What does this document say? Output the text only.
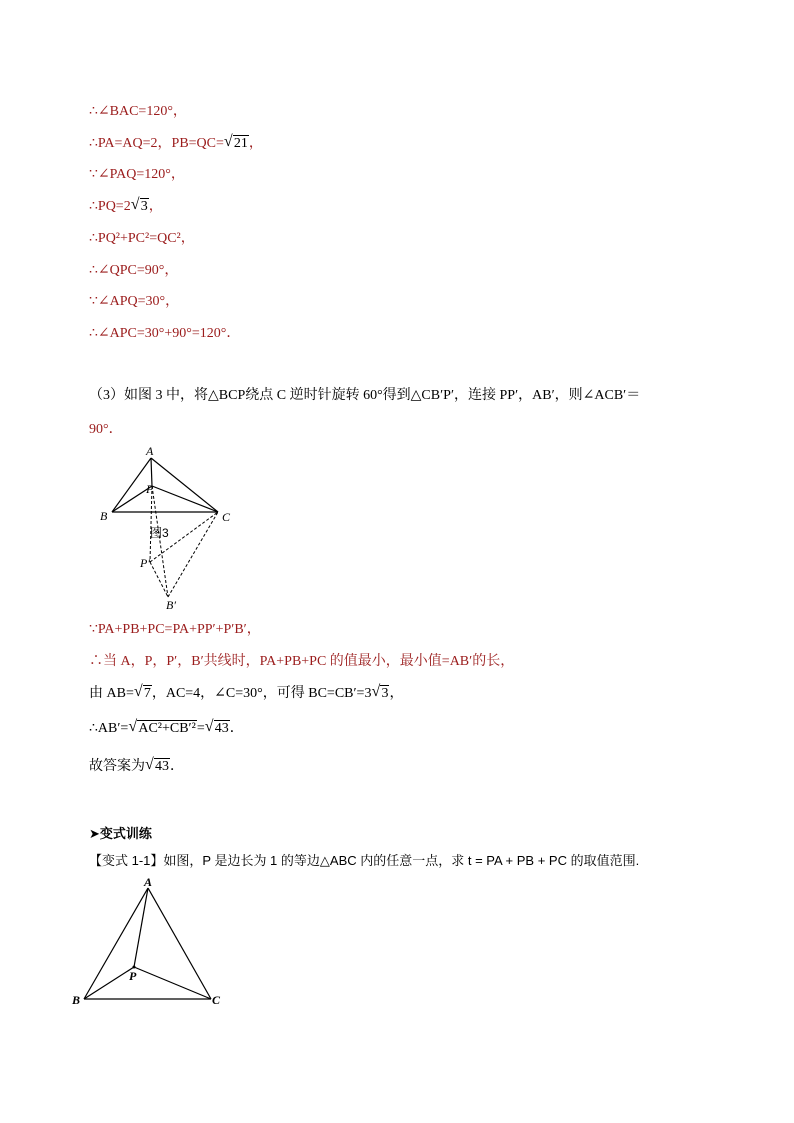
∴∠BAC=120°，
∴PA=AQ=2，PB=QC= √ 21，
∵∠PAQ=120°，
∴PQ=2 √ 3，
∴PQ²+PC²=QC²，
∴∠QPC=90°，
∵∠APQ=30°，
∴∠APC=30°+90°=120°．
（3）如图 3 中，将△BCP绕点 C 逆时针旋转 60°得到△CB′P′，连接 PP′，AB′，则∠ACB′＝
90°．
A
P
B	C
图3
P′
B′
∵PA+PB+PC=PA+PP′+P′B′，
∴当 A，P，P′，B′共线时，PA+PB+PC 的值最小，最小值=AB′的长，
由 AB= √ 7，AC=4，∠C=30°，可得 BC=CB′=3 √ 3，
∴AB′= √ AC²+CB′²= √ 43．
故答案为 √ 43．
➤变式训练
【变式 1-1】如图，P 是边长为 1 的等边△ABC 内的任意一点，求 t = PA + PB + PC 的取值范围.
A
B	C
P
